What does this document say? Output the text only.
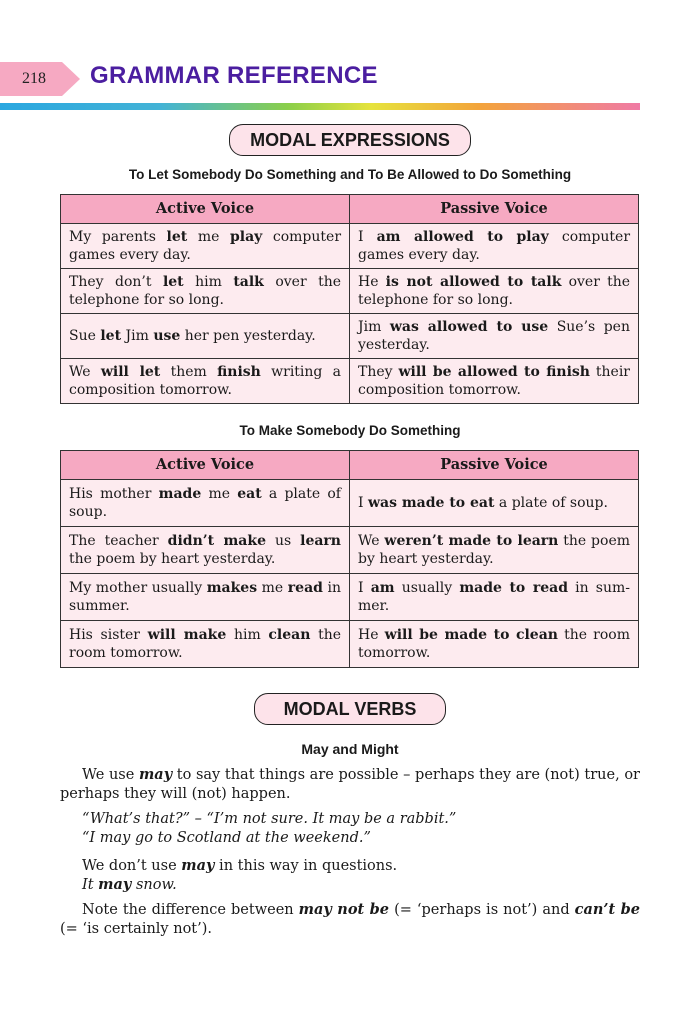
218 GRAMMAR REFERENCE
MODAL EXPRESSIONS
To Let Somebody Do Something and To Be Allowed to Do Something
Active Voice	Passive Voice
My parents let me play computer games every day.	I am allowed to play computer games every day.
They don’t let him talk over the telephone for so long.	He is not allowed to talk over the telephone for so long.
Sue let Jim use her pen yesterday.	Jim was allowed to use Sue’s pen yesterday.
We will let them finish writing a composition tomorrow.	They will be allowed to finish their composition tomorrow.
To Make Somebody Do Something
Active Voice	Passive Voice
His mother made me eat a plate of soup.	I was made to eat a plate of soup.
The teacher didn’t make us learn the poem by heart yesterday.	We weren’t made to learn the poem by heart yesterday.
My mother usually makes me read in summer.	I am usually made to read in sum-mer.
His sister will make him clean the room tomorrow.	He will be made to clean the room tomorrow.
MODAL VERBS
May and Might
We use may to say that things are possible – perhaps they are (not) true, or perhaps they will (not) happen.
“What’s that?” – “I’m not sure. It may be a rabbit.”
“I may go to Scotland at the weekend.”
We don’t use may in this way in questions.
It may snow.
Note the difference between may not be (= ‘perhaps is not’) and can’t be (= ‘is certainly not’).
